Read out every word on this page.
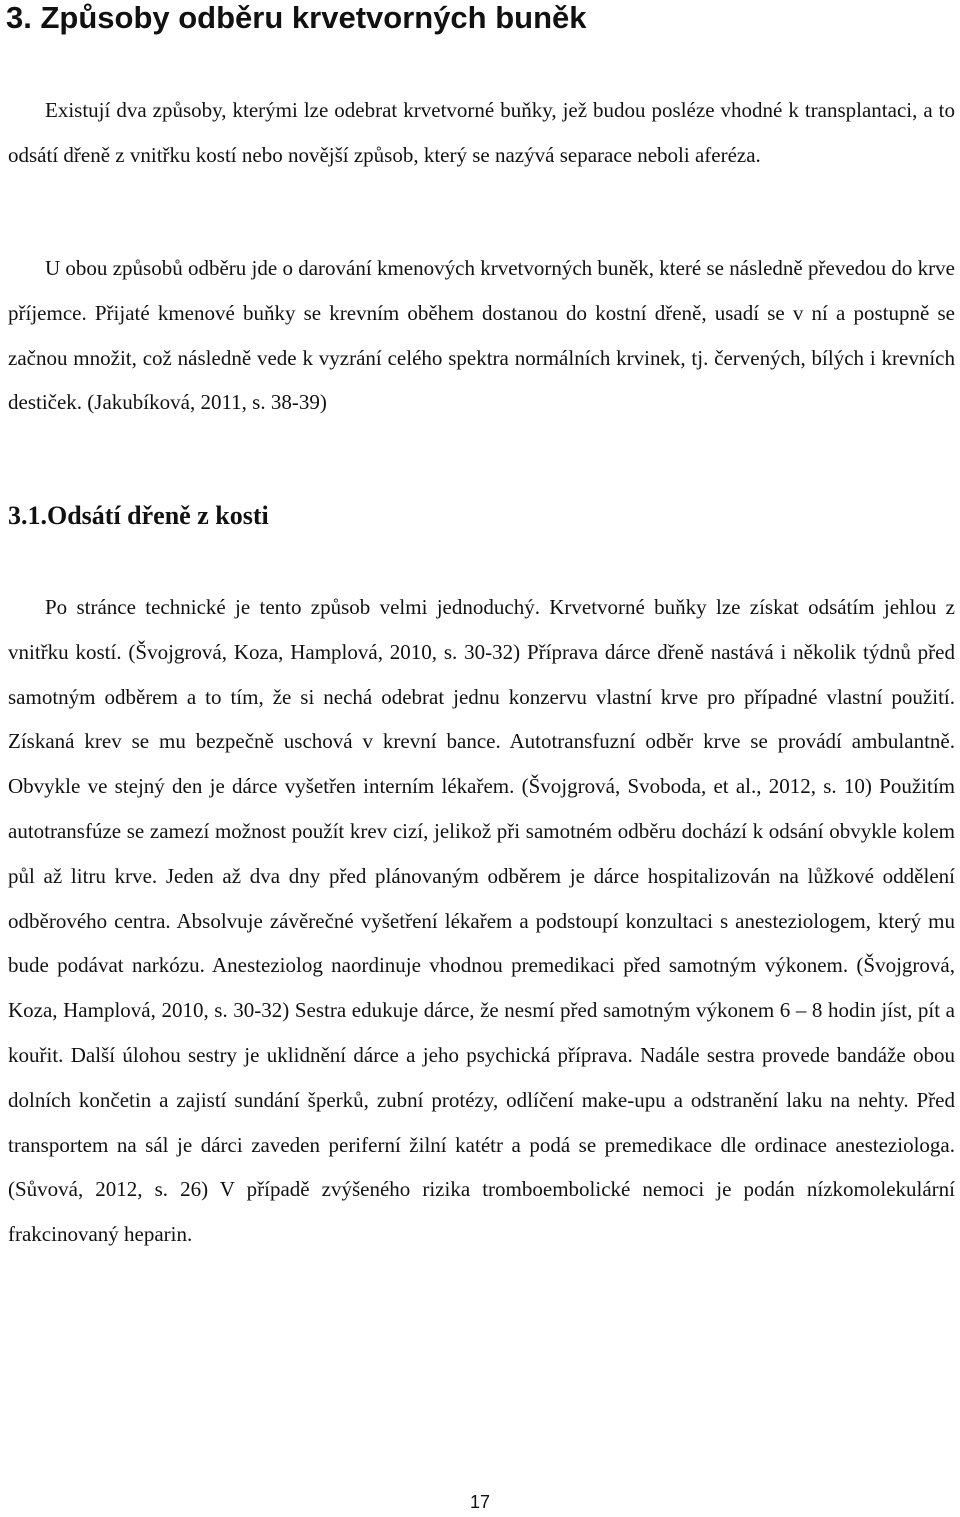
3. Způsoby odběru krvetvorných buněk

Existují dva způsoby, kterými lze odebrat krvetvorné buňky, jež budou posléze vhodné k transplantaci, a to odsátí dřeně z vnitřku kostí nebo novější způsob, který se nazývá separace neboli aferéza.

U obou způsobů odběru jde o darování kmenových krvetvorných buněk, které se následně převedou do krve příjemce. Přijaté kmenové buňky se krevním oběhem dostanou do kostní dřeně, usadí se v ní a postupně se začnou množit, což následně vede k vyzrání celého spektra normálních krvinek, tj. červených, bílých i krevních destiček. (Jakubíková, 2011, s. 38-39)

3.1.Odsátí dřeně z kosti

Po stránce technické je tento způsob velmi jednoduchý. Krvetvorné buňky lze získat odsátím jehlou z vnitřku kostí. (Švojgrová, Koza, Hamplová, 2010, s. 30-32) Příprava dárce dřeně nastává i několik týdnů před samotným odběrem a to tím, že si nechá odebrat jednu konzervu vlastní krve pro případné vlastní použití. Získaná krev se mu bezpečně uschová v krevní bance. Autotransfuzní odběr krve se provádí ambulantně. Obvykle ve stejný den je dárce vyšetřen interním lékařem. (Švojgrová, Svoboda, et al., 2012, s. 10) Použitím autotransfúze se zamezí možnost použít krev cizí, jelikož při samotném odběru dochází k odsání obvykle kolem půl až litru krve. Jeden až dva dny před plánovaným odběrem je dárce hospitalizován na lůžkové oddělení odběrového centra. Absolvuje závěrečné vyšetření lékařem a podstoupí konzultaci s anesteziologem, který mu bude podávat narkózu. Anesteziolog naordinuje vhodnou premedikaci před samotným výkonem. (Švojgrová, Koza, Hamplová, 2010, s. 30-32) Sestra edukuje dárce, že nesmí před samotným výkonem 6 – 8 hodin jíst, pít a kouřit. Další úlohou sestry je uklidnění dárce a jeho psychická příprava. Nadále sestra provede bandáže obou dolních končetin a zajistí sundání šperků, zubní protézy, odlíčení make-upu a odstranění laku na nehty. Před transportem na sál je dárci zaveden periferní žilní katétr a podá se premedikace dle ordinace anesteziologa. (Sůvová, 2012, s. 26) V případě zvýšeného rizika tromboembolické nemoci je podán nízkomolekulární frakcinovaný heparin.

17
